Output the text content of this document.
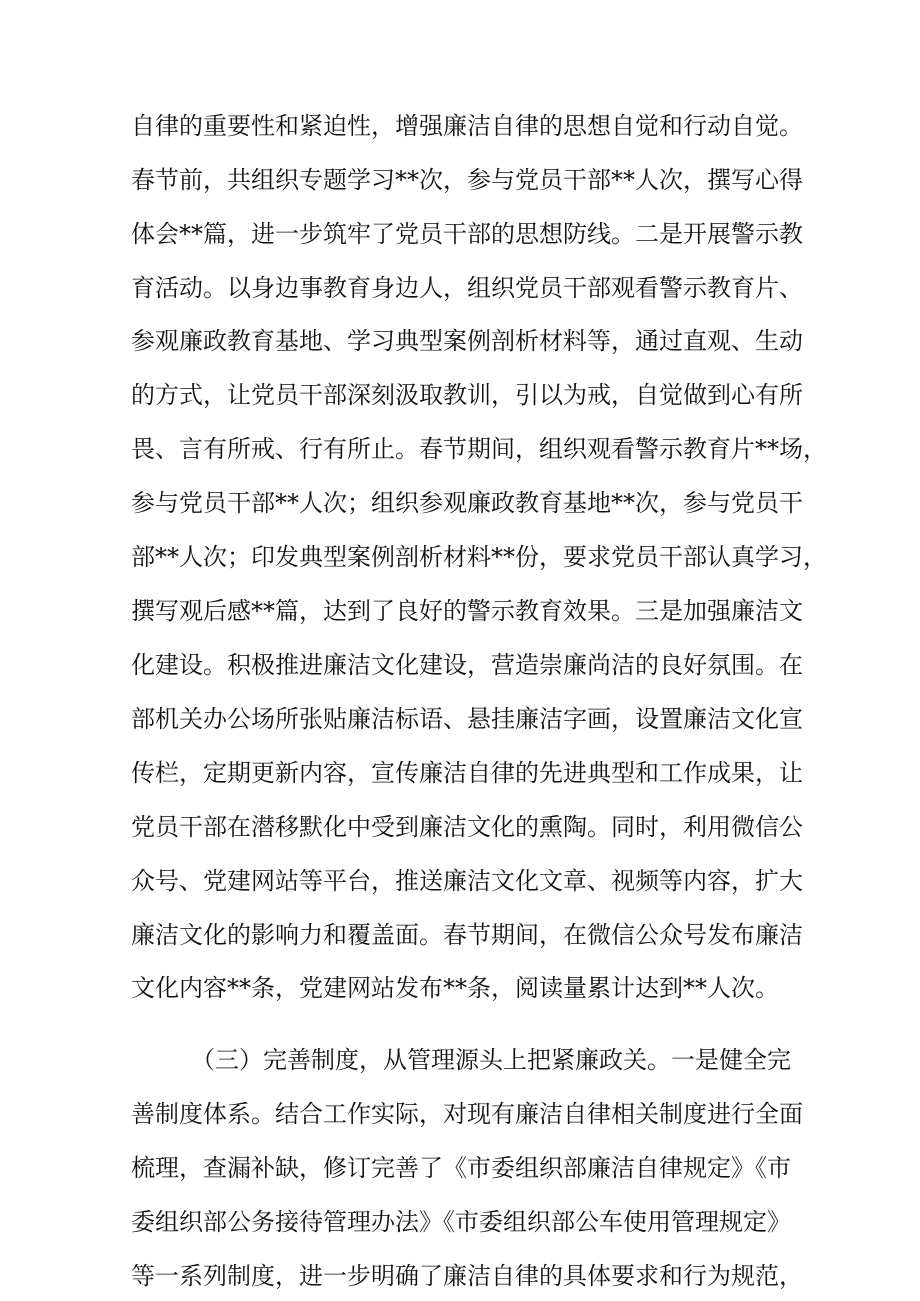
自律的重要性和紧迫性，增强廉洁自律的思想自觉和行动自觉。
春节前，共组织专题学习**次，参与党员干部**人次，撰写心得
体会**篇，进一步筑牢了党员干部的思想防线。二是开展警示教
育活动。以身边事教育身边人，组织党员干部观看警示教育片、
参观廉政教育基地、学习典型案例剖析材料等，通过直观、生动
的方式，让党员干部深刻汲取教训，引以为戒，自觉做到心有所
畏、言有所戒、行有所止。春节期间，组织观看警示教育片**场，
参与党员干部**人次；组织参观廉政教育基地**次，参与党员干
部**人次；印发典型案例剖析材料**份，要求党员干部认真学习，
撰写观后感**篇，达到了良好的警示教育效果。三是加强廉洁文
化建设。积极推进廉洁文化建设，营造崇廉尚洁的良好氛围。在
部机关办公场所张贴廉洁标语、悬挂廉洁字画，设置廉洁文化宣
传栏，定期更新内容，宣传廉洁自律的先进典型和工作成果，让
党员干部在潜移默化中受到廉洁文化的熏陶。同时，利用微信公
众号、党建网站等平台，推送廉洁文化文章、视频等内容，扩大
廉洁文化的影响力和覆盖面。春节期间，在微信公众号发布廉洁
文化内容**条，党建网站发布**条，阅读量累计达到**人次。
（三）完善制度，从管理源头上把紧廉政关。一是健全完
善制度体系。结合工作实际，对现有廉洁自律相关制度进行全面
梳理，查漏补缺，修订完善了《市委组织部廉洁自律规定》《市
委组织部公务接待管理办法》《市委组织部公车使用管理规定》
等一系列制度，进一步明确了廉洁自律的具体要求和行为规范，
